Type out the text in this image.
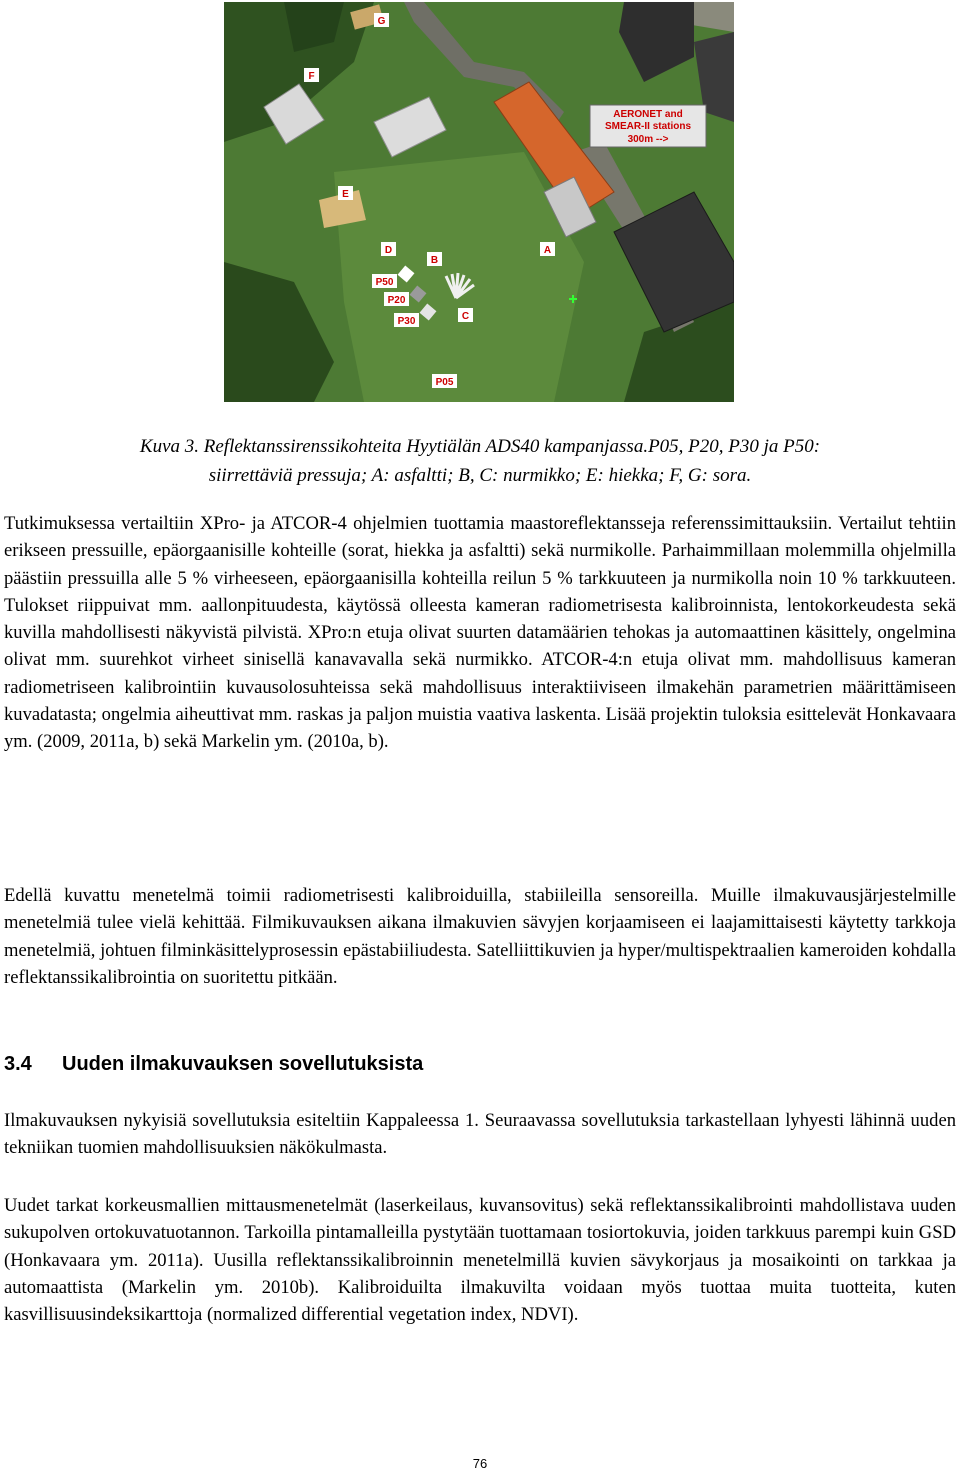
AERONET and
SMEAR-II stations
300m -->
G
F
E
D
B
A
P50
P20
P30	C
P05
Kuva 3. Reflektanssirenssikohteita Hyytiälän ADS40 kampanjassa.P05, P20, P30 ja P50:
siirrettäviä pressuja; A: asfaltti; B, C: nurmikko; E: hiekka; F, G: sora.

Tutkimuksessa vertailtiin XPro- ja ATCOR-4 ohjelmien tuottamia maastoreflektansseja referenssimittauksiin. Vertailut tehtiin erikseen pressuille, epäorgaanisille kohteille (sorat, hiekka ja asfaltti) sekä nurmikolle. Parhaimmillaan molemmilla ohjelmilla päästiin pressuilla alle 5 % virheeseen, epäorgaanisilla kohteilla reilun 5 % tarkkuuteen ja nurmikolla noin 10 % tarkkuuteen. Tulokset riippuivat mm. aallonpituudesta, käytössä olleesta kameran radiometrisesta kalibroinnista, lentokorkeudesta sekä kuvilla mahdollisesti näkyvistä pilvistä. XPro:n etuja olivat suurten datamäärien tehokas ja automaattinen käsittely, ongelmina olivat mm. suurehkot virheet sinisellä kanavavalla sekä nurmikko. ATCOR-4:n etuja olivat mm. mahdollisuus kameran radiometriseen kalibrointiin kuvausolosuhteissa sekä mahdollisuus interaktiiviseen ilmakehän parametrien määrittämiseen kuvadatasta; ongelmia aiheuttivat mm. raskas ja paljon muistia vaativa laskenta. Lisää projektin tuloksia esittelevät Honkavaara ym. (2009, 2011a, b) sekä Markelin ym. (2010a, b).

Edellä kuvattu menetelmä toimii radiometrisesti kalibroiduilla, stabiileilla sensoreilla. Muille ilmakuvausjärjestelmille menetelmiä tulee vielä kehittää. Filmikuvauksen aikana ilmakuvien sävyjen korjaamiseen ei laajamittaisesti käytetty tarkkoja menetelmiä, johtuen filminkäsittelyprosessin epästabiiliudesta. Satelliittikuvien ja hyper/multispektraalien kameroiden kohdalla reflektanssikalibrointia on suoritettu pitkään.

3.4 Uuden ilmakuvauksen sovellutuksista

Ilmakuvauksen nykyisiä sovellutuksia esiteltiin Kappaleessa 1. Seuraavassa sovellutuksia tarkastellaan lyhyesti lähinnä uuden tekniikan tuomien mahdollisuuksien näkökulmasta.

Uudet tarkat korkeusmallien mittausmenetelmät (laserkeilaus, kuvansovitus) sekä reflektanssikalibrointi mahdollistava uuden sukupolven ortokuvatuotannon. Tarkoilla pintamalleilla pystytään tuottamaan tosiortokuvia, joiden tarkkuus parempi kuin GSD (Honkavaara ym. 2011a). Uusilla reflektanssikalibroinnin menetelmillä kuvien sävykorjaus ja mosaikointi on tarkkaa ja automaattista (Markelin ym. 2010b). Kalibroiduilta ilmakuvilta voidaan myös tuottaa muita tuotteita, kuten kasvillisuusindeksikarttoja (normalized differential vegetation index, NDVI).

76
